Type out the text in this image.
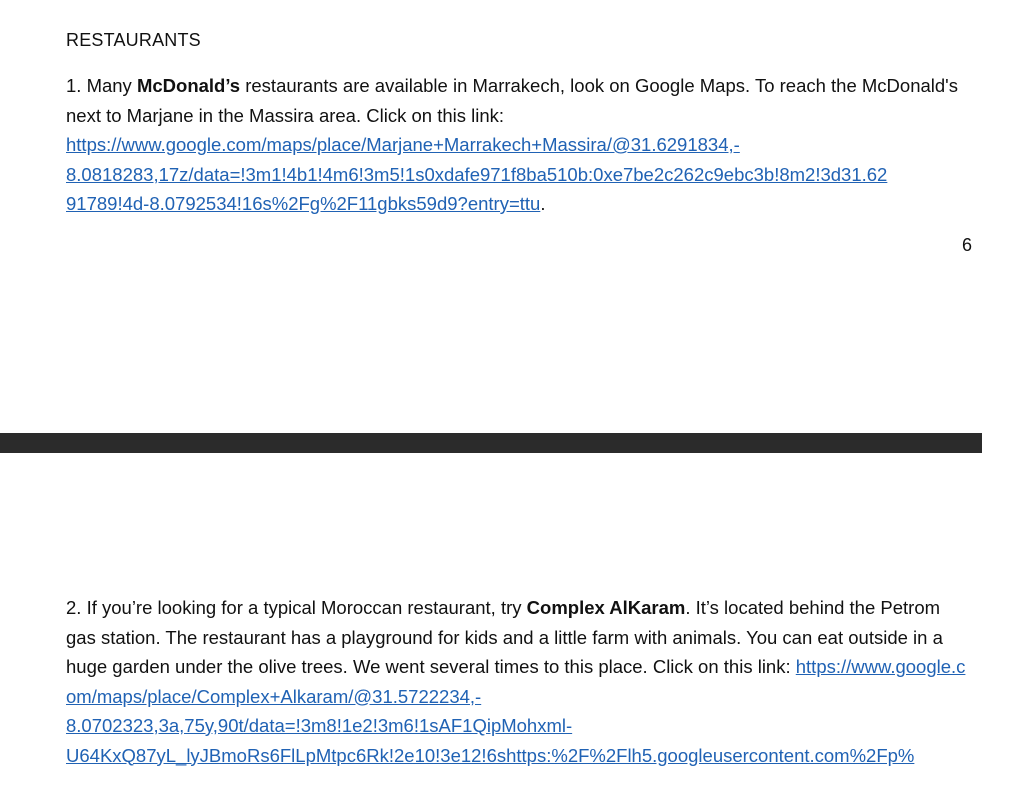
RESTAURANTS
1. Many McDonald’s restaurants are available in Marrakech, look on Google Maps. To reach the McDonald's next to Marjane in the Massira area. Click on this link:
https://www.google.com/maps/place/Marjane+Marrakech+Massira/@31.6291834,-
8.0818283,17z/data=!3m1!4b1!4m6!3m5!1s0xdafe971f8ba510b:0xe7be2c262c9ebc3b!8m2!3d31.62
91789!4d-8.0792534!16s%2Fg%2F11gbks59d9?entry=ttu.
6
2. If you’re looking for a typical Moroccan restaurant, try Complex AlKaram. It’s located behind the Petrom gas station. The restaurant has a playground for kids and a little farm with animals. You can eat outside in a huge garden under the olive trees. We went several times to this place. Click on this link: https://www.google.com/maps/place/Complex+Alkaram/@31.5722234,-
8.0702323,3a,75y,90t/data=!3m8!1e2!3m6!1sAF1QipMohxml-
U64KxQ87yL_lyJBmoRs6FlLpMtpc6Rk!2e10!3e12!6shttps:%2F%2Flh5.googleusercontent.com%2Fp%
